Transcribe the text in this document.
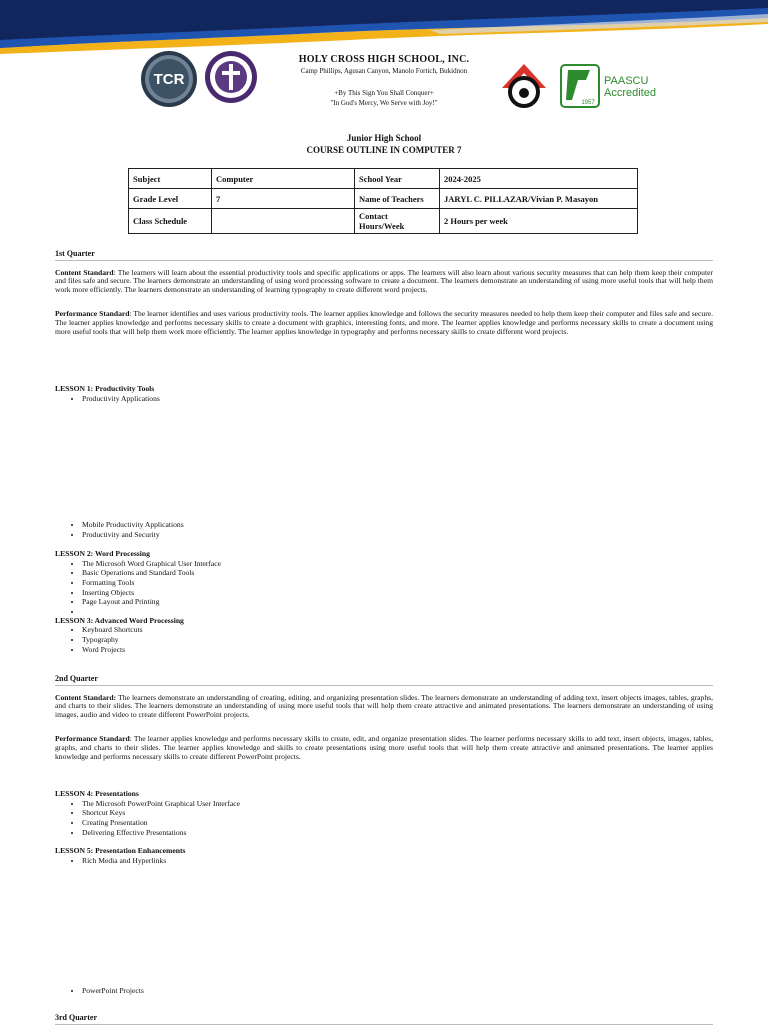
TCR
1957
PAASCU
Accredited
HOLY CROSS HIGH SCHOOL, INC.
Camp Phillips, Agusan Canyon, Manolo Fortich, Bukidnon
+By This Sign You Shall Conquer+
"In God's Mercy, We Serve with Joy!"
Junior High School
COURSE OUTLINE IN COMPUTER 7
Subject	Computer	School Year	2024-2025
Grade Level	7	Name of Teachers	JARYL C. PILLAZAR/Vivian P. Masayon
Class Schedule		Contact Hours/Week	2 Hours per week
1st Quarter
Content Standard: The learners will learn about the essential productivity tools and specific applications or apps. The learners will also learn about various security measures that can help them keep their computer and files safe and secure. The learners demonstrate an understanding of using word processing software to create a document. The learners demonstrate an understanding of using more useful tools that will help them work more efficiently. The learners demonstrate an understanding of learning typography to create different word projects.
Performance Standard: The learner identifies and uses various productivity tools. The learner applies knowledge and follows the security measures needed to help them keep their computer and files safe and secure. The learner applies knowledge and performs necessary skills to create a document with graphics, interesting fonts, and more. The learner applies knowledge and performs necessary skills to create a document using more useful tools that will help them work more efficiently. The learner applies knowledge in typography and performs necessary skills to create different word projects.
LESSON 1: Productivity Tools
• Productivity Applications
• Mobile Productivity Applications
• Productivity and Security
LESSON 2: Word Processing
• The Microsoft Word Graphical User Interface
• Basic Operations and Standard Tools
• Formatting Tools
• Inserting Objects
• Page Layout and Printing
•
LESSON 3: Advanced Word Processing
• Keyboard Shortcuts
• Typography
• Word Projects
2nd Quarter
Content Standard: The learners demonstrate an understanding of creating, editing, and organizing presentation slides. The learners demonstrate an understanding of adding text, insert objects images, tables, graphs, and charts to their slides. The learners demonstrate an understanding of using more useful tools that will help them create attractive and animated presentations. The learners demonstrate an understanding of using images, audio and video to create different PowerPoint projects.
Performance Standard: The learner applies knowledge and performs necessary skills to create, edit, and organize presentation slides. The learner performs necessary skills to add text, insert objects, images, tables, graphs, and charts to their slides. The learner applies knowledge and skills to create presentations using more useful tools that will help them create attractive and animated presentations. The learner applies knowledge and performs necessary skills to create different PowerPoint projects.
LESSON 4: Presentations
• The Microsoft PowerPoint Graphical User Interface
• Shortcut Keys
• Creating Presentation
• Delivering Effective Presentations
LESSON 5: Presentation Enhancements
• Rich Media and Hyperlinks
• PowerPoint Projects
3rd Quarter
